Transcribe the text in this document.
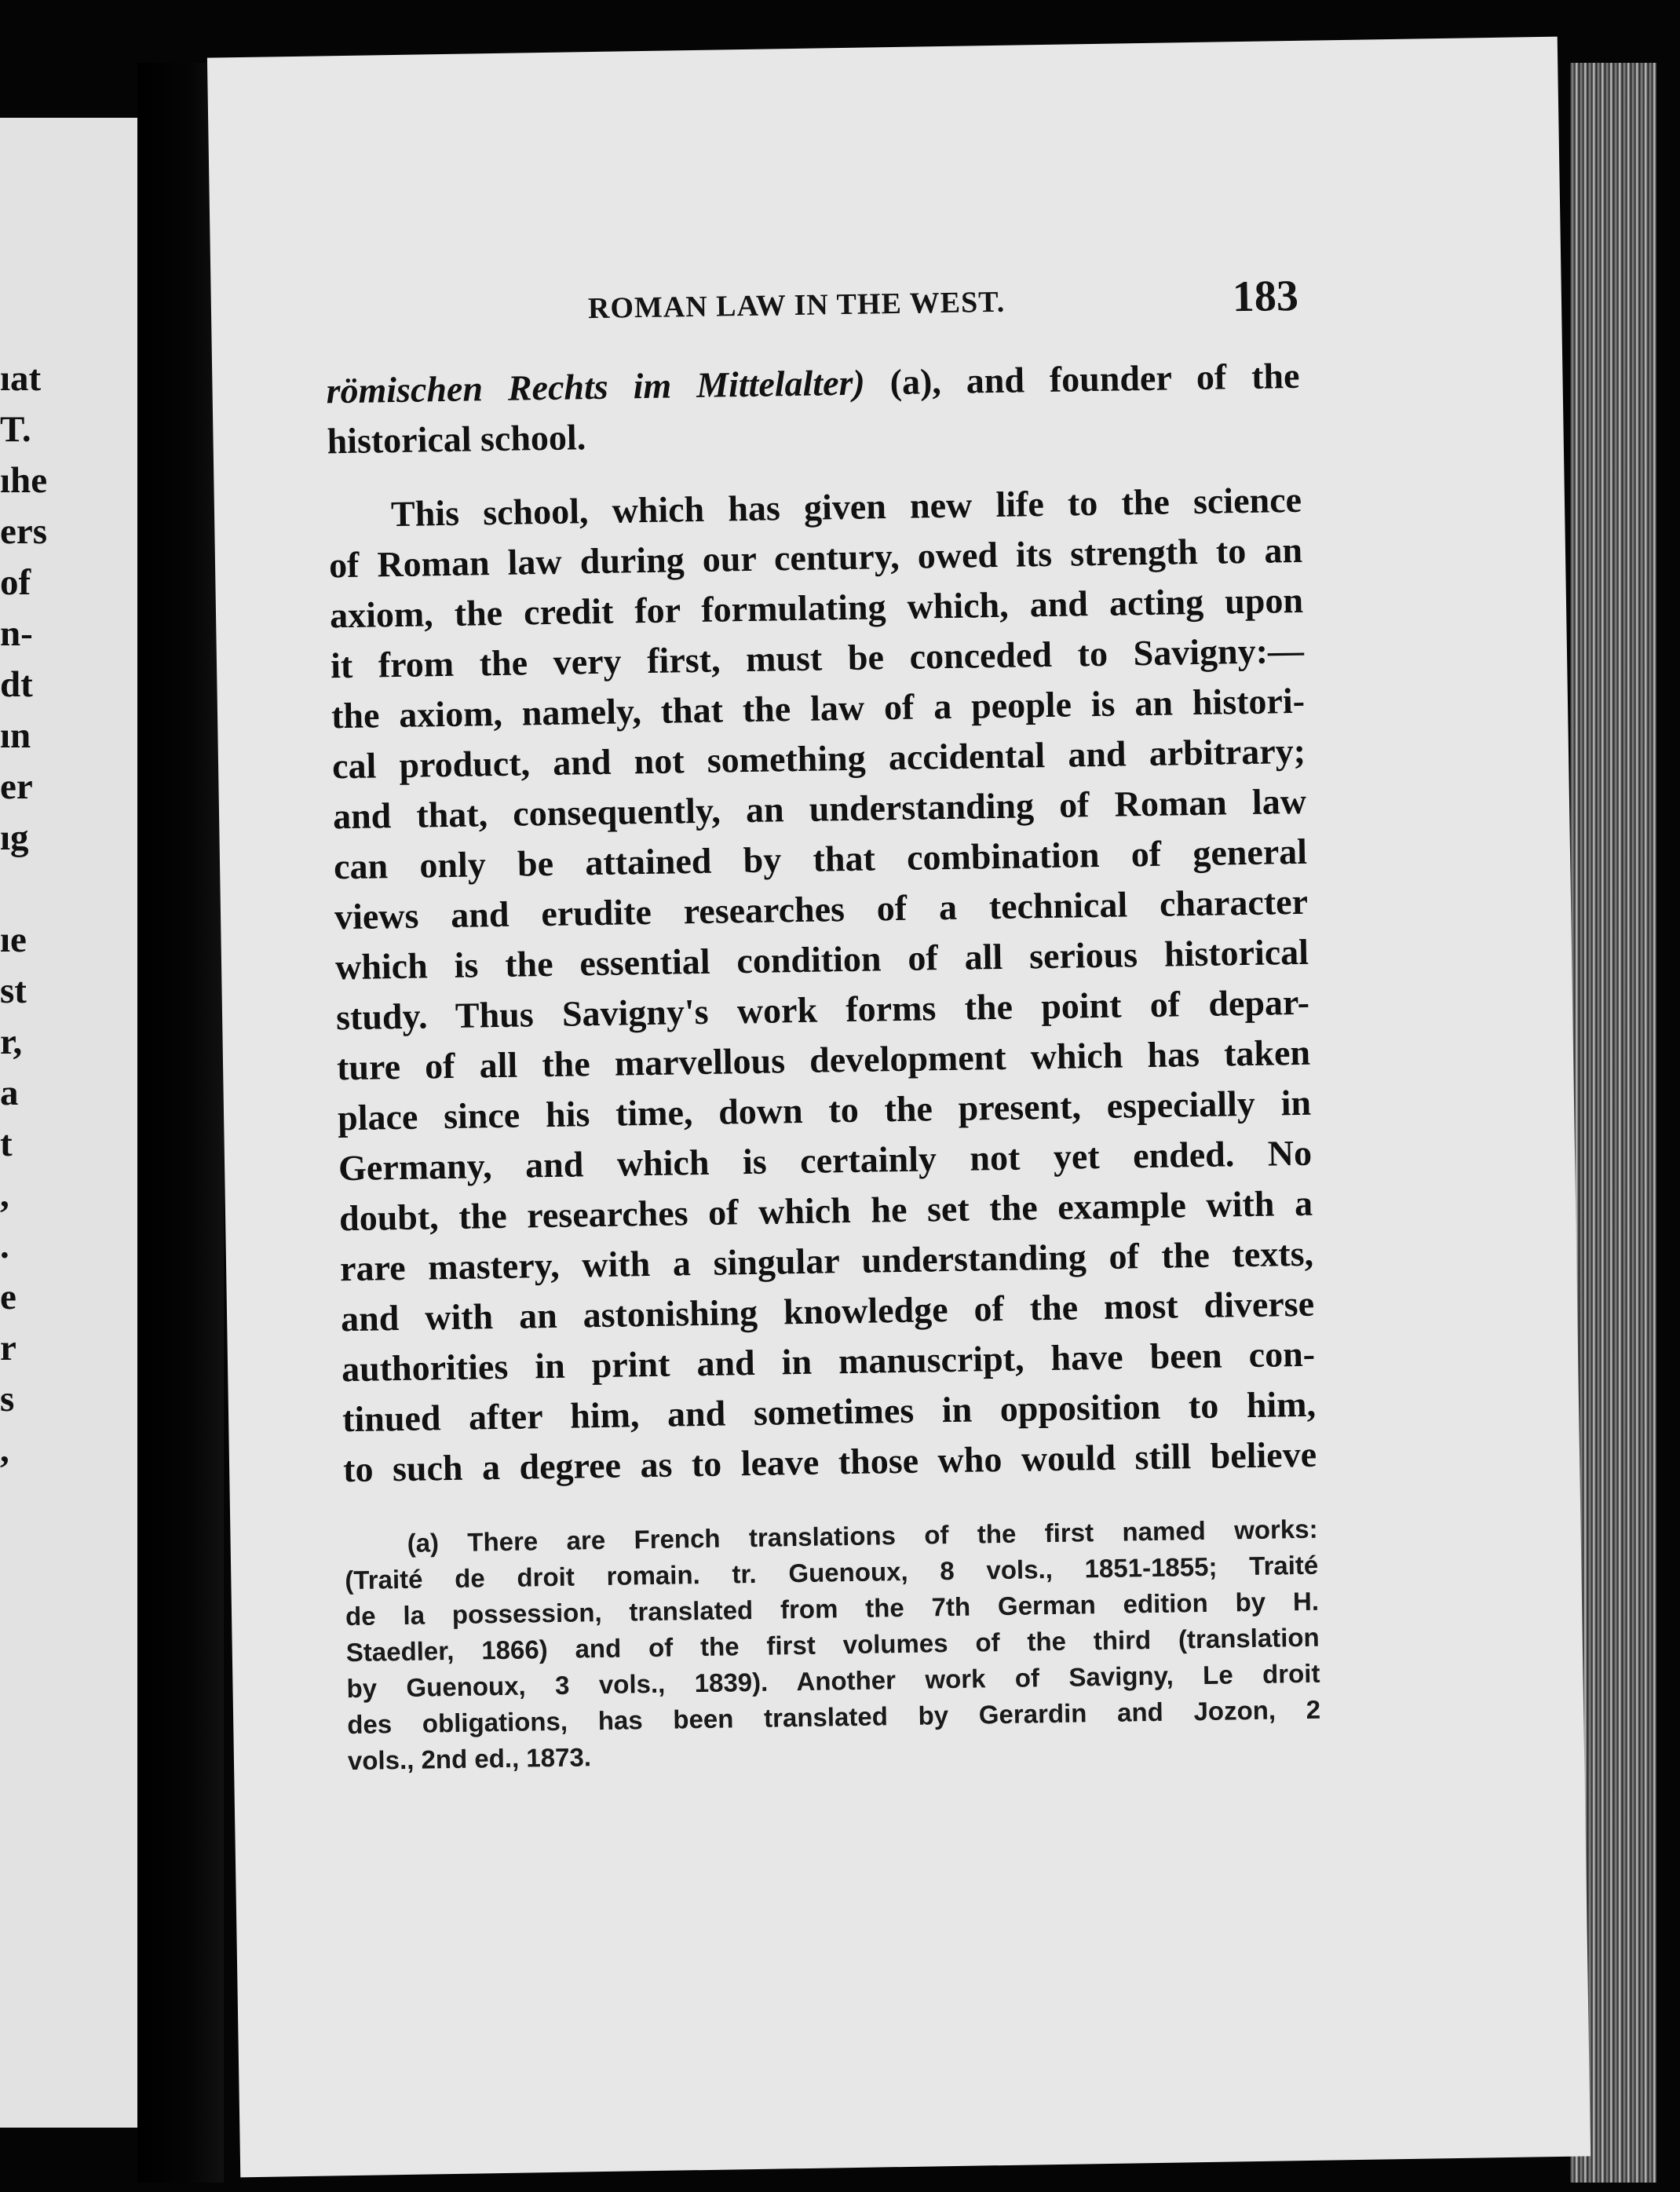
ıat
T.
ıhe
ers
of
n-
dt
ın
er
ıg
ıe
st
r,
a
t
,
.
e
r
s
,
ROMAN LAW IN THE WEST.	183
römischen Rechts im Mittelalter) (a), and founder of the
historical school.
This school, which has given new life to the science
of Roman law during our century, owed its strength to an
axiom, the credit for formulating which, and acting upon
it from the very first, must be conceded to Savigny:—
the axiom, namely, that the law of a people is an histori-
cal product, and not something accidental and arbitrary;
and that, consequently, an understanding of Roman law
can only be attained by that combination of general
views and erudite researches of a technical character
which is the essential condition of all serious historical
study. Thus Savigny's work forms the point of depar-
ture of all the marvellous development which has taken
place since his time, down to the present, especially in
Germany, and which is certainly not yet ended. No
doubt, the researches of which he set the example with a
rare mastery, with a singular understanding of the texts,
and with an astonishing knowledge of the most diverse
authorities in print and in manuscript, have been con-
tinued after him, and sometimes in opposition to him,
to such a degree as to leave those who would still believe
(a) There are French translations of the first named works:
(Traité de droit romain. tr. Guenoux, 8 vols., 1851-1855; Traité
de la possession, translated from the 7th German edition by H.
Staedler, 1866) and of the first volumes of the third (translation
by Guenoux, 3 vols., 1839). Another work of Savigny, Le droit
des obligations, has been translated by Gerardin and Jozon, 2
vols., 2nd ed., 1873.
